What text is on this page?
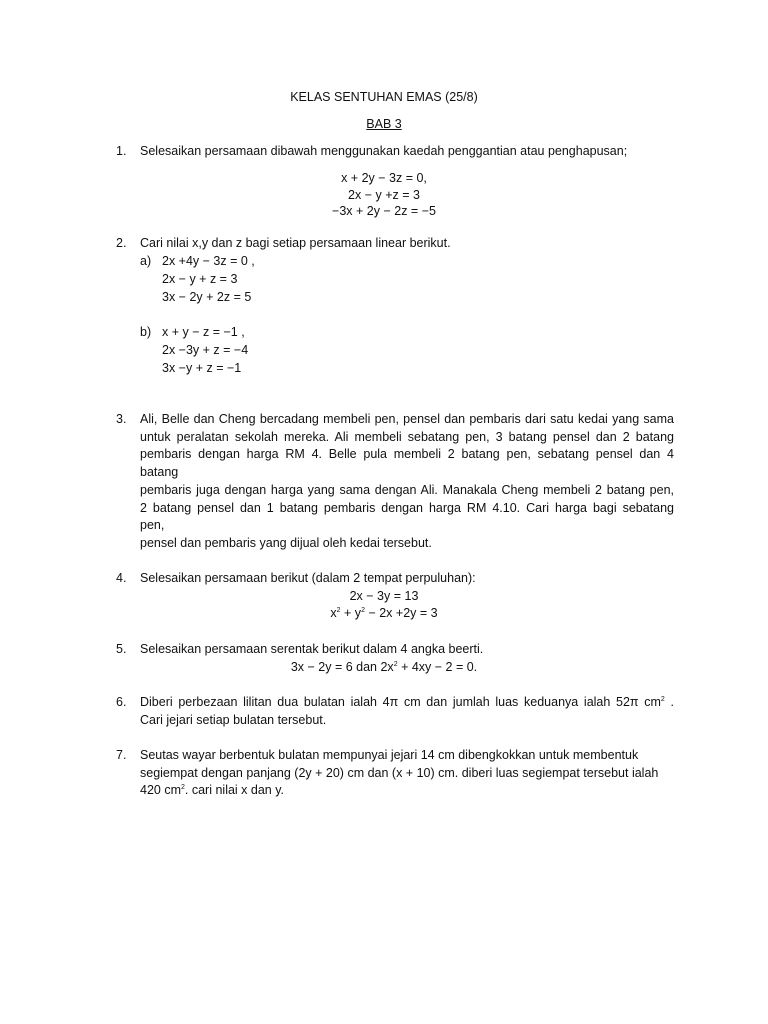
KELAS SENTUHAN EMAS (25/8)
BAB 3
1. Selesaikan persamaan dibawah menggunakan kaedah penggantian atau penghapusan;
x + 2y − 3z = 0,
2x − y +z = 3
−3x + 2y − 2z = −5
2. Cari nilai x,y dan z bagi setiap persamaan linear berikut.
a) 2x +4y − 3z = 0 ,
2x − y + z = 3
3x − 2y + 2z = 5
b) x + y − z = −1 ,
2x −3y + z = −4
3x −y + z = −1
3. Ali, Belle dan Cheng bercadang membeli pen, pensel dan pembaris dari satu kedai yang sama
untuk peralatan sekolah mereka. Ali membeli sebatang pen, 3 batang pensel dan 2 batang
pembaris dengan harga RM 4. Belle pula membeli 2 batang pen, sebatang pensel dan 4
batang
pembaris juga dengan harga yang sama dengan Ali. Manakala Cheng membeli 2 batang pen,
2 batang pensel dan 1 batang pembaris dengan harga RM 4.10. Cari harga bagi sebatang
pen,
pensel dan pembaris yang dijual oleh kedai tersebut.
4. Selesaikan persamaan berikut (dalam 2 tempat perpuluhan):
2x − 3y = 13
$x^2 + y^2 - 2x +2y = 3$
5. Selesaikan persamaan serentak berikut dalam 4 angka beerti.
3x − 2y = 6 dan $2x^2 + 4xy - 2 = 0$.
6. Diberi perbezaan lilitan dua bulatan ialah 4π cm dan jumlah luas keduanya ialah 52π $cm^2$ .
Cari jejari setiap bulatan tersebut.
7. Seutas wayar berbentuk bulatan mempunyai jejari 14 cm dibengkokkan untuk membentuk
segiempat dengan panjang (2y + 20) cm dan (x + 10) cm. diberi luas segiempat tersebut ialah
420 $cm^2$. cari nilai x dan y.
